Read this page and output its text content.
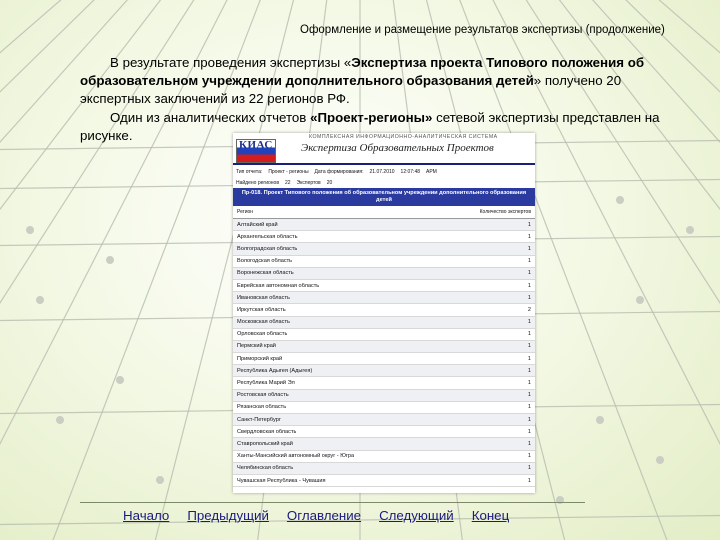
Оформление и размещение результатов экспертизы (продолжение)
В результате проведения экспертизы «Экспертиза проекта Типового положения об образовательном учреждении дополнительного образования детей» получено 20 экспертных заключений из 22 регионов РФ.
Один из аналитических отчетов «Проект-регионы» сетевой экспертизы представлен на рисунке.
КИАС
КОМПЛЕКСНАЯ ИНФОРМАЦИОННО-АНАЛИТИЧЕСКАЯ СИСТЕМА
Экспертиза Образовательных Проектов
Тип отчета: Проект - регионы Дата формирования: 21.07.2010 12:07:48 АРМ
Найдено регионов 22 Экспертов 20
Пр-018. Проект Типового положения об образовательном учреждении дополнительного образования детей
Регион	Количество экспертов
Алтайский край	1
Архангельская область	1
Волгоградская область	1
Вологодская область	1
Воронежская область	1
Еврейская автономная область	1
Ивановская область	1
Иркутская область	2
Московская область	1
Орловская область	1
Пермский край	1
Приморский край	1
Республика Адыгея (Адыгея)	1
Республика Марий Эл	1
Ростовская область	1
Рязанская область	1
Санкт-Петербург	1
Свердловская область	1
Ставропольский край	1
Ханты-Мансийский автономный округ - Югра	1
Челябинская область	1
Чувашская Республика - Чувашия	1
Начало Предыдущий Оглавление Следующий Конец
